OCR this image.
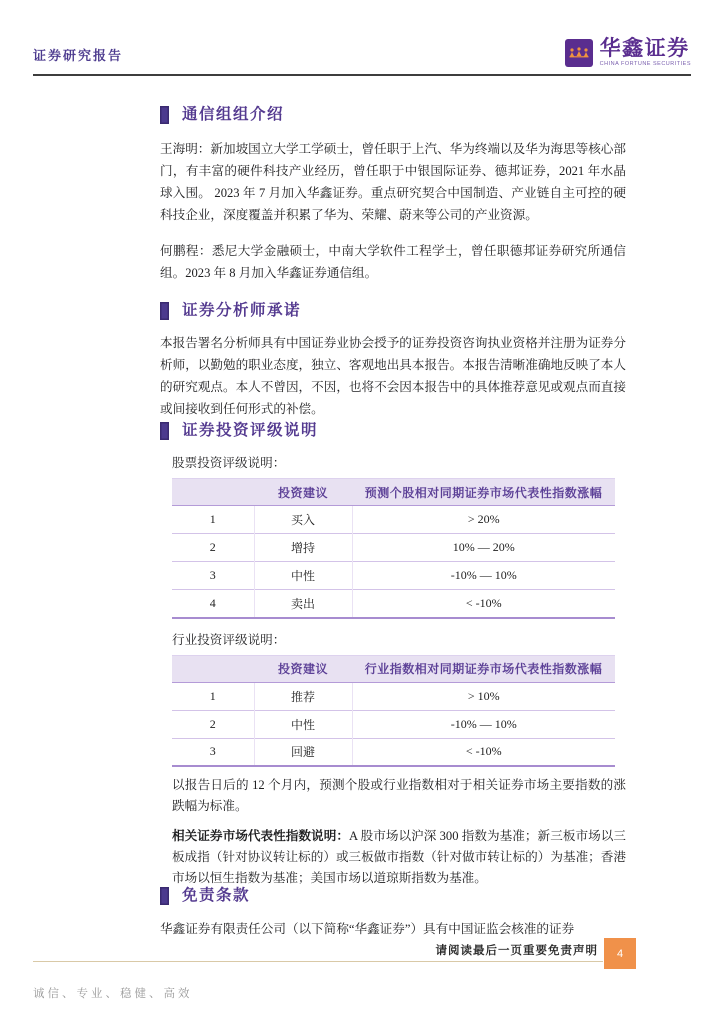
证券研究报告	华鑫证券
CHINA FORTUNE SECURITIES
通信组组介绍

王海明：新加坡国立大学工学硕士，曾任职于上汽、华为终端以及华为海思等核心部门，有丰富的硬件科技产业经历，曾任职于中银国际证券、德邦证券，2021 年水晶球入围。 2023 年 7 月加入华鑫证券。重点研究契合中国制造、产业链自主可控的硬科技企业，深度覆盖并积累了华为、荣耀、蔚来等公司的产业资源。

何鹏程：悉尼大学金融硕士，中南大学软件工程学士，曾任职德邦证券研究所通信组。2023 年 8 月加入华鑫证券通信组。

证券分析师承诺

本报告署名分析师具有中国证券业协会授予的证券投资咨询执业资格并注册为证券分析师，以勤勉的职业态度，独立、客观地出具本报告。本报告清晰准确地反映了本人的研究观点。本人不曾因，不因，也将不会因本报告中的具体推荐意见或观点而直接或间接收到任何形式的补偿。

证券投资评级说明
股票投资评级说明：
	投资建议	预测个股相对同期证券市场代表性指数涨幅
1	买入	> 20%
2	增持	10% — 20%
3	中性	-10% — 10%
4	卖出	< -10%
行业投资评级说明：
	投资建议	行业指数相对同期证券市场代表性指数涨幅
1	推荐	> 10%
2	中性	-10% — 10%
3	回避	< -10%

以报告日后的 12 个月内，预测个股或行业指数相对于相关证券市场主要指数的涨跌幅为标准。

相关证券市场代表性指数说明：A 股市场以沪深 300 指数为基准；新三板市场以三板成指（针对协议转让标的）或三板做市指数（针对做市转让标的）为基准；香港市场以恒生指数为基准；美国市场以道琼斯指数为基准。

免责条款

华鑫证券有限责任公司（以下简称“华鑫证券”）具有中国证监会核准的证券

请阅读最后一页重要免责声明	4
诚信、专业、稳健、高效
